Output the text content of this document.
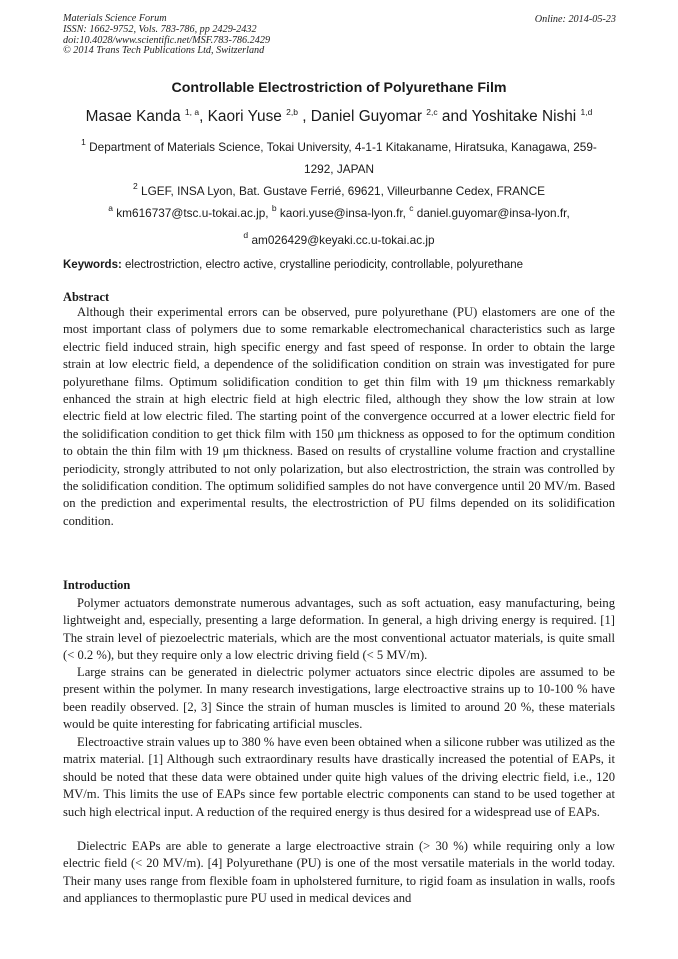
Materials Science Forum
ISSN: 1662-9752, Vols. 783-786, pp 2429-2432
doi:10.4028/www.scientific.net/MSF.783-786.2429
© 2014 Trans Tech Publications Ltd, Switzerland
Online: 2014-05-23
Controllable Electrostriction of Polyurethane Film
Masae Kanda $^{1, a}$, Kaori Yuse $^{2,b}$ , Daniel Guyomar $^{2,c}$ and Yoshitake Nishi $^{1,d}$
$^1$ Department of Materials Science, Tokai University, 4-1-1 Kitakaname, Hiratsuka, Kanagawa, 259-1292, JAPAN
$^2$ LGEF, INSA Lyon, Bat. Gustave Ferrié, 69621, Villeurbanne Cedex, FRANCE
$^a$ km616737@tsc.u-tokai.ac.jp, $^b$ kaori.yuse@insa-lyon.fr, $^c$ daniel.guyomar@insa-lyon.fr,
$^d$ am026429@keyaki.cc.u-tokai.ac.jp
Keywords: electrostriction, electro active, crystalline periodicity, controllable, polyurethane
Abstract

Although their experimental errors can be observed, pure polyurethane (PU) elastomers are one of the most important class of polymers due to some remarkable electromechanical characteristics such as large electric field induced strain, high specific energy and fast speed of response. In order to obtain the large strain at low electric field, a dependence of the solidification condition on strain was investigated for pure polyurethane films. Optimum solidification condition to get thin film with 19 μm thickness remarkably enhanced the strain at high electric field at high electric filed, although they show the low strain at low electric field at low electric filed. The starting point of the convergence occurred at a lower electric field for the solidification condition to get thick film with 150 μm thickness as opposed to for the optimum condition to obtain the thin film with 19 μm thickness. Based on results of crystalline volume fraction and crystalline periodicity, strongly attributed to not only polarization, but also electrostriction, the strain was controlled by the solidification condition. The optimum solidified samples do not have convergence until 20 MV/m. Based on the prediction and experimental results, the electrostriction of PU films depended on its solidification condition.

Introduction

Polymer actuators demonstrate numerous advantages, such as soft actuation, easy manufacturing, being lightweight and, especially, presenting a large deformation. In general, a high driving energy is required. [1] The strain level of piezoelectric materials, which are the most conventional actuator materials, is quite small (< 0.2 %), but they require only a low electric driving field (< 5 MV/m).

Large strains can be generated in dielectric polymer actuators since electric dipoles are assumed to be present within the polymer. In many research investigations, large electroactive strains up to 10-100 % have been readily observed. [2, 3] Since the strain of human muscles is limited to around 20 %, these materials would be quite interesting for fabricating artificial muscles.

Electroactive strain values up to 380 % have even been obtained when a silicone rubber was utilized as the matrix material. [1] Although such extraordinary results have drastically increased the potential of EAPs, it should be noted that these data were obtained under quite high values of the driving electric field, i.e., 120 MV/m. This limits the use of EAPs since few portable electric components can stand to be used together at such high electrical input. A reduction of the required energy is thus desired for a widespread use of EAPs.

Dielectric EAPs are able to generate a large electroactive strain (> 30 %) while requiring only a low electric field (< 20 MV/m). [4] Polyurethane (PU) is one of the most versatile materials in the world today. Their many uses range from flexible foam in upholstered furniture, to rigid foam as insulation in walls, roofs and appliances to thermoplastic pure PU used in medical devices and
